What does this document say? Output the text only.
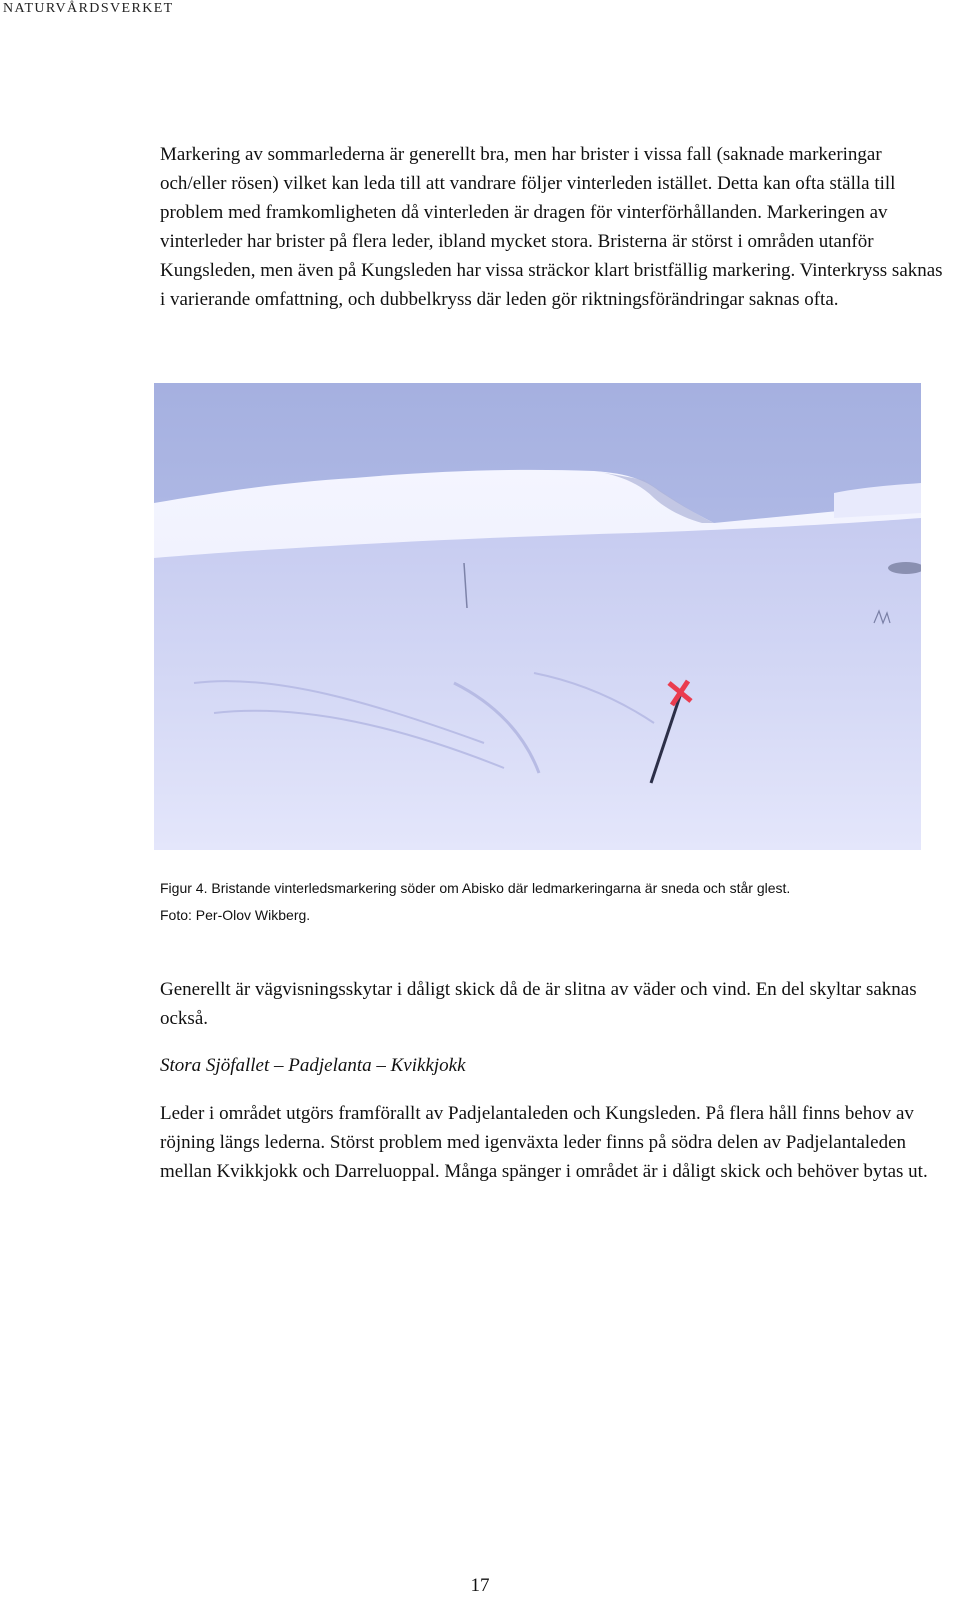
NATURVÅRDSVERKET

Markering av sommarlederna är generellt bra, men har brister i vissa fall (saknade markeringar och/eller rösen) vilket kan leda till att vandrare följer vinterleden istället. Detta kan ofta ställa till problem med framkomligheten då vinterleden är dragen för vinterförhållanden. Markeringen av vinterleder har brister på flera leder, ibland mycket stora. Bristerna är störst i områden utanför Kungsleden, men även på Kungsleden har vissa sträckor klart bristfällig markering. Vinterkryss saknas i varierande omfattning, och dubbelkryss där leden gör riktningsförändringar saknas ofta.

Figur 4. Bristande vinterledsmarkering söder om Abisko där ledmarkeringarna är sneda och står glest.
Foto: Per-Olov Wikberg.

Generellt är vägvisningsskytar i dåligt skick då de är slitna av väder och vind. En del skyltar saknas också.

Stora Sjöfallet – Padjelanta – Kvikkjokk

Leder i området utgörs framförallt av Padjelantaleden och Kungsleden. På flera håll finns behov av röjning längs lederna. Störst problem med igenväxta leder finns på södra delen av Padjelantaleden mellan Kvikkjokk och Darreluoppal. Många spänger i området är i dåligt skick och behöver bytas ut.

17
